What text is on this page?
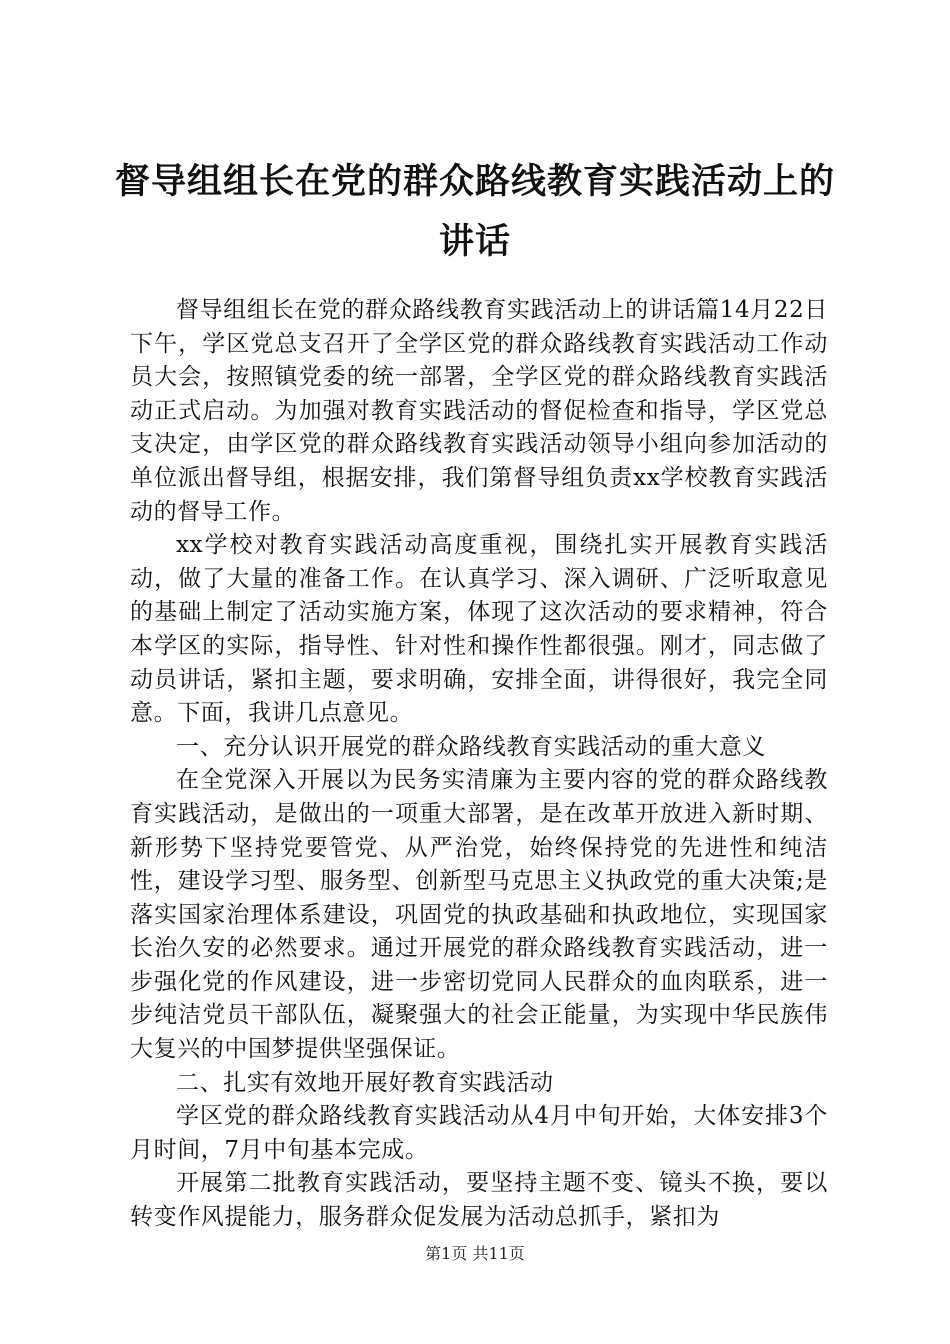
督导组组长在党的群众路线教育实践活动上的讲话

督导组组长在党的群众路线教育实践活动上的讲话篇14月22日下午，学区党总支召开了全学区党的群众路线教育实践活动工作动员大会，按照镇党委的统一部署，全学区党的群众路线教育实践活动正式启动。为加强对教育实践活动的督促检查和指导，学区党总支决定，由学区党的群众路线教育实践活动领导小组向参加活动的单位派出督导组，根据安排，我们第督导组负责xx学校教育实践活动的督导工作。

xx学校对教育实践活动高度重视，围绕扎实开展教育实践活动，做了大量的准备工作。在认真学习、深入调研、广泛听取意见的基础上制定了活动实施方案，体现了这次活动的要求精神，符合本学区的实际，指导性、针对性和操作性都很强。刚才，同志做了动员讲话，紧扣主题，要求明确，安排全面，讲得很好，我完全同意。下面，我讲几点意见。

一、充分认识开展党的群众路线教育实践活动的重大意义

在全党深入开展以为民务实清廉为主要内容的党的群众路线教育实践活动，是做出的一项重大部署，是在改革开放进入新时期、新形势下坚持党要管党、从严治党，始终保持党的先进性和纯洁性，建设学习型、服务型、创新型马克思主义执政党的重大决策;是落实国家治理体系建设，巩固党的执政基础和执政地位，实现国家长治久安的必然要求。通过开展党的群众路线教育实践活动，进一步强化党的作风建设，进一步密切党同人民群众的血肉联系，进一步纯洁党员干部队伍，凝聚强大的社会正能量，为实现中华民族伟大复兴的中国梦提供坚强保证。

二、扎实有效地开展好教育实践活动

学区党的群众路线教育实践活动从4月中旬开始，大体安排3个月时间，7月中旬基本完成。

开展第二批教育实践活动，要坚持主题不变、镜头不换，要以转变作风提能力，服务群众促发展为活动总抓手，紧扣为

第1页 共11页
